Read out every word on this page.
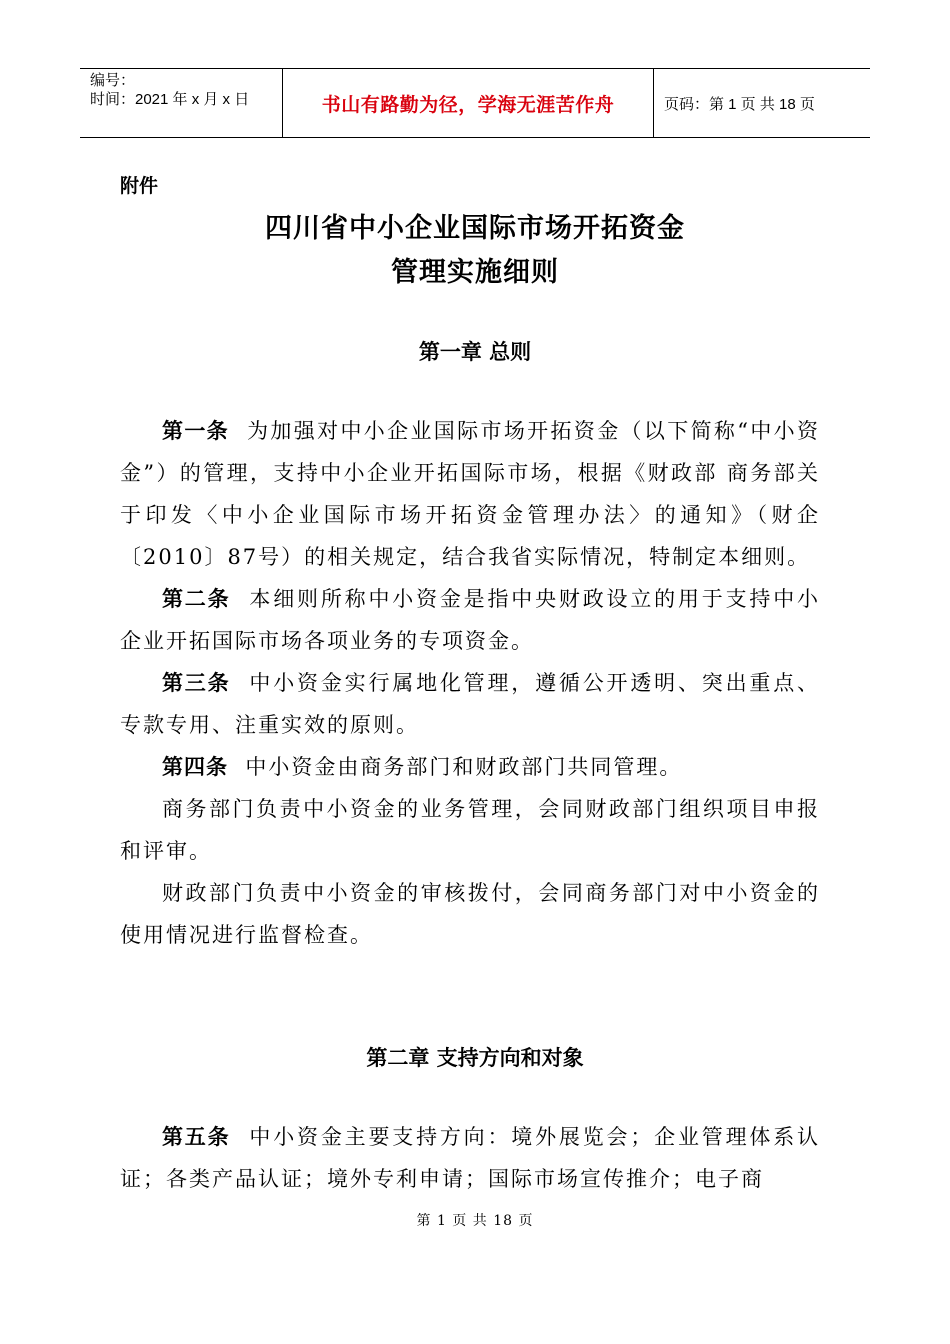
编号：
时间：2021 年 x 月 x 日	书山有路勤为径，学海无涯苦作舟	页码：第 1 页 共 18 页
附件
四川省中小企业国际市场开拓资金
管理实施细则
第一章 总则

第一条 为加强对中小企业国际市场开拓资金（以下简称“中小资金”）的管理，支持中小企业开拓国际市场，根据《财政部 商务部关于印发〈中小企业国际市场开拓资金管理办法〉的通知》（财企〔2010〕87号）的相关规定，结合我省实际情况，特制定本细则。

第二条 本细则所称中小资金是指中央财政设立的用于支持中小企业开拓国际市场各项业务的专项资金。

第三条 中小资金实行属地化管理，遵循公开透明、突出重点、专款专用、注重实效的原则。

第四条 中小资金由商务部门和财政部门共同管理。

商务部门负责中小资金的业务管理，会同财政部门组织项目申报和评审。

财政部门负责中小资金的审核拨付，会同商务部门对中小资金的使用情况进行监督检查。

第二章 支持方向和对象

第五条 中小资金主要支持方向：境外展览会；企业管理体系认证；各类产品认证；境外专利申请；国际市场宣传推介；电子商

第 1 页 共 18 页
